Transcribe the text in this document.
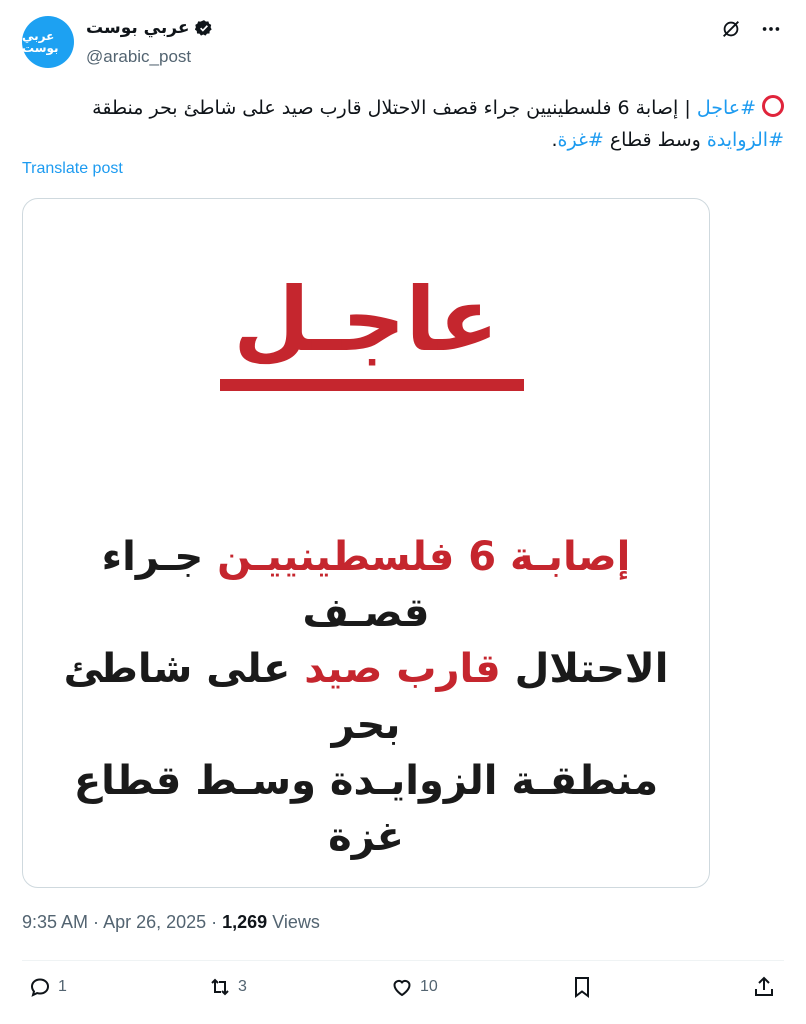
عربي بوست
عربي بوست
@arabic_post
#عاجل | إصابة 6 فلسطينيين جراء قصف الاحتلال قارب صيد على شاطئ بحر منطقة #الزوايدة وسط قطاع #غزة.
Translate post
عاجـل
إصابـة 6 فلسطينييـن جـراء قصـف
الاحتلال قارب صيد على شاطئ بحر
منطقـة الزوايـدة وسـط قطاع غزة
9:35 AM · Apr 26, 2025 · 1,269 Views
1	3	10
